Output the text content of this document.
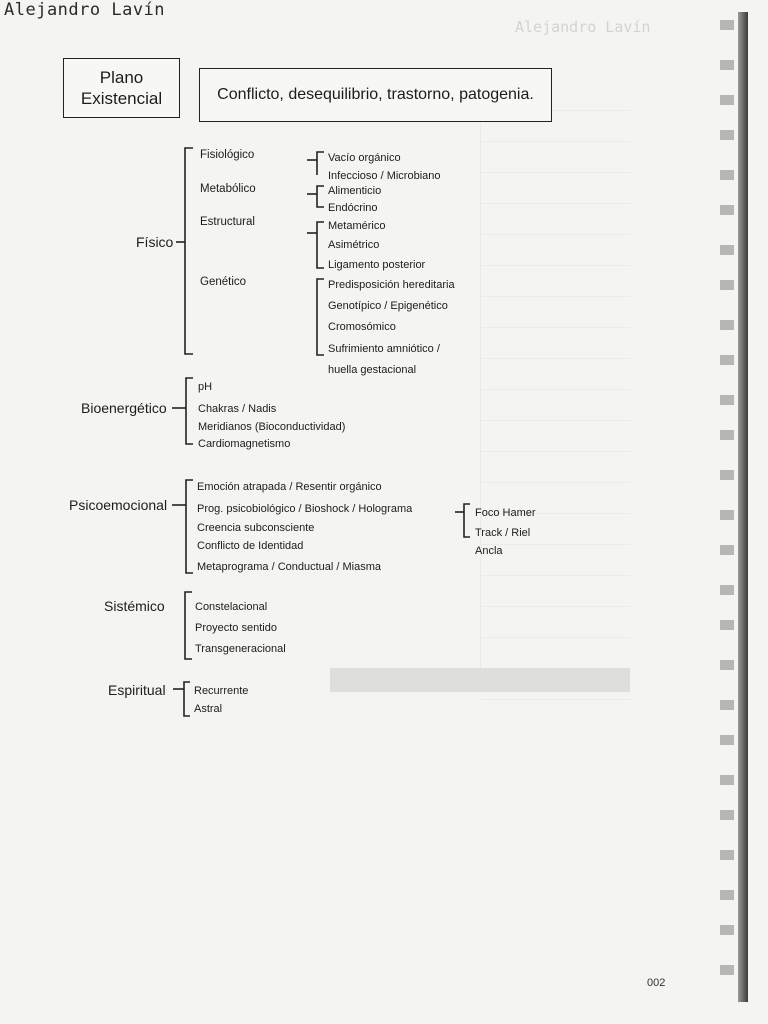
Alejandro Lavín
Alejandro Lavín
Plano
Existencial	Conflicto, desequilibrio, trastorno, patogenia.
Físico
Fisiológico
Metabólico
Estructural
Genético
Vacío orgánico
Infeccioso / Microbiano
Alimenticio
Endócrino
Metamérico
Asimétrico
Ligamento posterior
Predisposición hereditaria
Genotípico / Epigenético
Cromosómico
Sufrimiento amniótico /
huella gestacional
Bioenergético
pH
Chakras / Nadis
Meridianos (Bioconductividad)
Cardiomagnetismo
Psicoemocional
Emoción atrapada / Resentir orgánico
Prog. psicobiológico / Bioshock / Holograma
Creencia subconsciente
Conflicto de Identidad
Metaprograma / Conductual / Miasma
Foco Hamer
Track / Riel
Ancla
Sistémico	Constelacional
Proyecto sentido
Transgeneracional
Espiritual	Recurrente
Astral
002
